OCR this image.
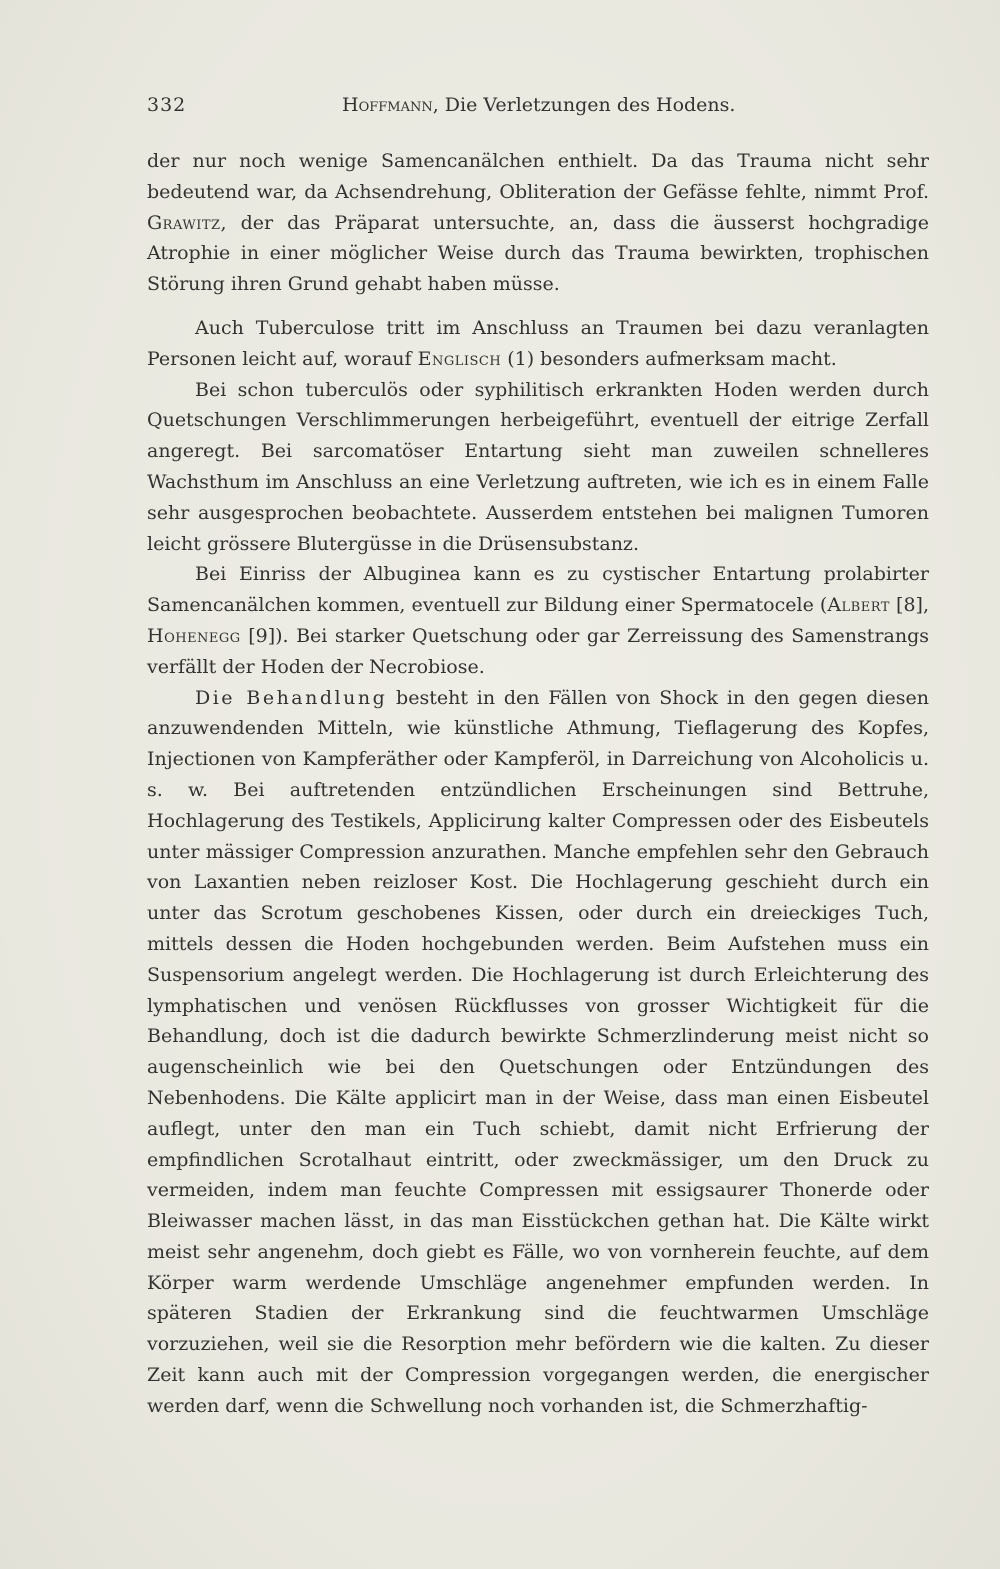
332	Hoffmann, Die Verletzungen des Hodens.

der nur noch wenige Samencanälchen enthielt. Da das Trauma nicht sehr bedeutend war, da Achsendrehung, Obliteration der Gefässe fehlte, nimmt Prof. Grawitz, der das Präparat untersuchte, an, dass die äusserst hochgradige Atrophie in einer möglicher Weise durch das Trauma bewirkten, trophischen Störung ihren Grund gehabt haben müsse.

Auch Tuberculose tritt im Anschluss an Traumen bei dazu veranlagten Personen leicht auf, worauf Englisch (1) besonders aufmerksam macht.

Bei schon tuberculös oder syphilitisch erkrankten Hoden werden durch Quetschungen Verschlimmerungen herbeigeführt, eventuell der eitrige Zerfall angeregt. Bei sarcomatöser Entartung sieht man zuweilen schnelleres Wachsthum im Anschluss an eine Verletzung auftreten, wie ich es in einem Falle sehr ausgesprochen beobachtete. Ausserdem entstehen bei malignen Tumoren leicht grössere Blutergüsse in die Drüsensubstanz.

Bei Einriss der Albuginea kann es zu cystischer Entartung prolabirter Samencanälchen kommen, eventuell zur Bildung einer Spermatocele (Albert [8], Hohenegg [9]). Bei starker Quetschung oder gar Zerreissung des Samenstrangs verfällt der Hoden der Necrobiose.

Die Behandlung besteht in den Fällen von Shock in den gegen diesen anzuwendenden Mitteln, wie künstliche Athmung, Tieflagerung des Kopfes, Injectionen von Kampferäther oder Kampferöl, in Darreichung von Alcoholicis u. s. w. Bei auftretenden entzündlichen Erscheinungen sind Bettruhe, Hochlagerung des Testikels, Applicirung kalter Compressen oder des Eisbeutels unter mässiger Compression anzurathen. Manche empfehlen sehr den Gebrauch von Laxantien neben reizloser Kost. Die Hochlagerung geschieht durch ein unter das Scrotum geschobenes Kissen, oder durch ein dreieckiges Tuch, mittels dessen die Hoden hochgebunden werden. Beim Aufstehen muss ein Suspensorium angelegt werden. Die Hochlagerung ist durch Erleichterung des lymphatischen und venösen Rückflusses von grosser Wichtigkeit für die Behandlung, doch ist die dadurch bewirkte Schmerzlinderung meist nicht so augenscheinlich wie bei den Quetschungen oder Entzündungen des Nebenhodens. Die Kälte applicirt man in der Weise, dass man einen Eisbeutel auflegt, unter den man ein Tuch schiebt, damit nicht Erfrierung der empfindlichen Scrotalhaut eintritt, oder zweckmässiger, um den Druck zu vermeiden, indem man feuchte Compressen mit essigsaurer Thonerde oder Bleiwasser machen lässt, in das man Eisstückchen gethan hat. Die Kälte wirkt meist sehr angenehm, doch giebt es Fälle, wo von vornherein feuchte, auf dem Körper warm werdende Umschläge angenehmer empfunden werden. In späteren Stadien der Erkrankung sind die feuchtwarmen Umschläge vorzuziehen, weil sie die Resorption mehr befördern wie die kalten. Zu dieser Zeit kann auch mit der Compression vorgegangen werden, die energischer werden darf, wenn die Schwellung noch vorhanden ist, die Schmerzhaftig-
